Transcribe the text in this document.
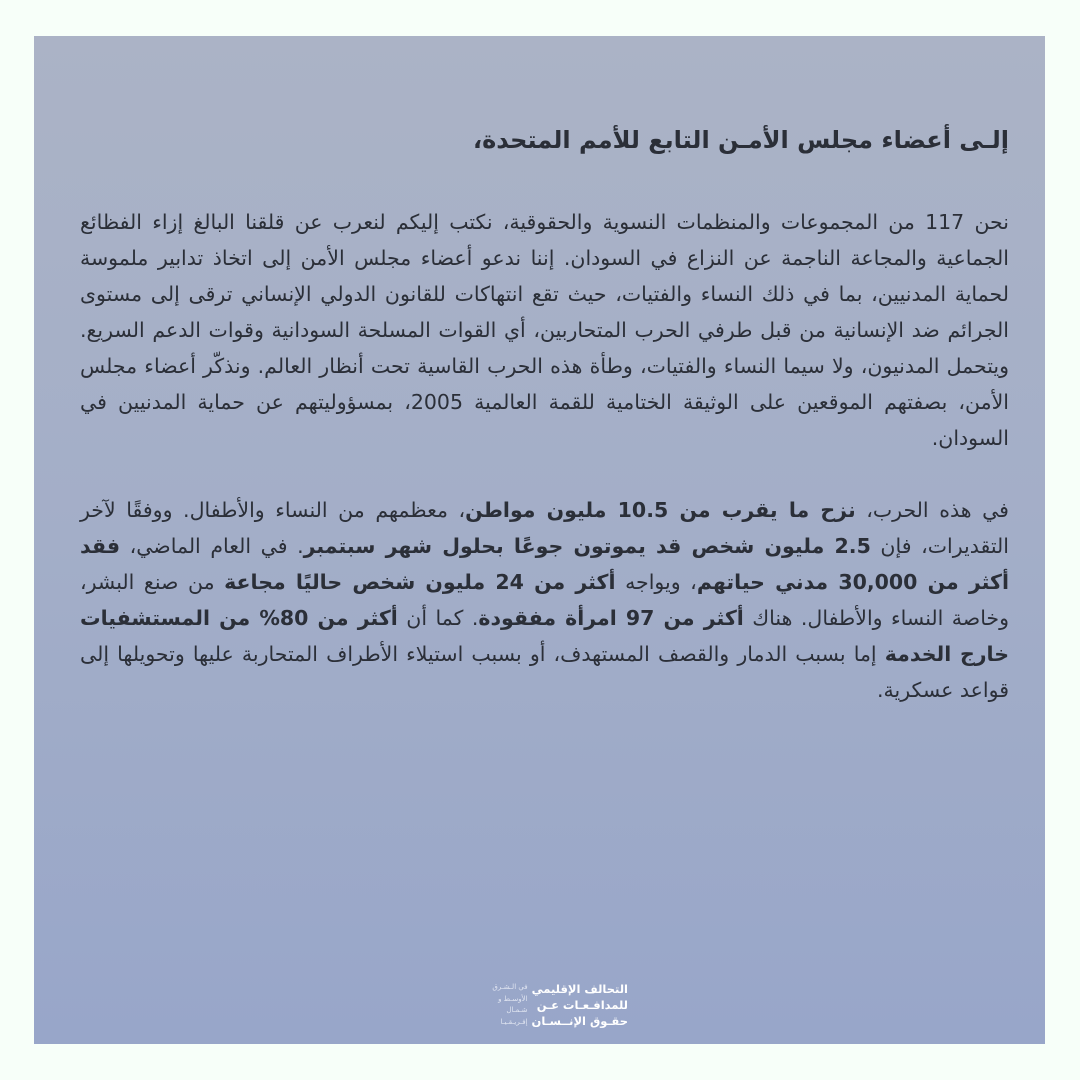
إلـى أعضاء مجلس الأمـن التابع للأمم المتحدة،

نحن 117 من المجموعات والمنظمات النسوية والحقوقية، نكتب إليكم لنعرب عن قلقنا البالغ إزاء الفظائع الجماعية والمجاعة الناجمة عن النزاع في السودان. إننا ندعو أعضاء مجلس الأمن إلى اتخاذ تدابير ملموسة لحماية المدنيين، بما في ذلك النساء والفتيات، حيث تقع انتهاكات للقانون الدولي الإنساني ترقى إلى مستوى الجرائم ضد الإنسانية من قبل طرفي الحرب المتحاربين، أي القوات المسلحة السودانية وقوات الدعم السريع. ويتحمل المدنيون، ولا سيما النساء والفتيات، وطأة هذه الحرب القاسية تحت أنظار العالم. ونذكّر أعضاء مجلس الأمن، بصفتهم الموقعين على الوثيقة الختامية للقمة العالمية 2005، بمسؤوليتهم عن حماية المدنيين في السودان.

في هذه الحرب، نزح ما يقرب من 10.5 مليون مواطن، معظمهم من النساء والأطفال. ووفقًا لآخر التقديرات، فإن 2.5 مليون شخص قد يموتون جوعًا بحلول شهر سبتمبر. في العام الماضي، فقد أكثر من 30,000 مدني حياتهم، ويواجه أكثر من 24 مليون شخص حاليًا مجاعة من صنع البشر، وخاصة النساء والأطفال. هناك أكثر من 97 امرأة مفقودة. كما أن أكثر من 80% من المستشفيات خارج الخدمة إما بسبب الدمار والقصف المستهدف، أو بسبب استيلاء الأطراف المتحاربة عليها وتحويلها إلى قواعد عسكرية.

التحالف الإقليمي
للمدافـعـات عـن
حقـوق الإنــسـان
في الـشـرق
الأوسـط و
شـمـال
إفـريـقـيـا
